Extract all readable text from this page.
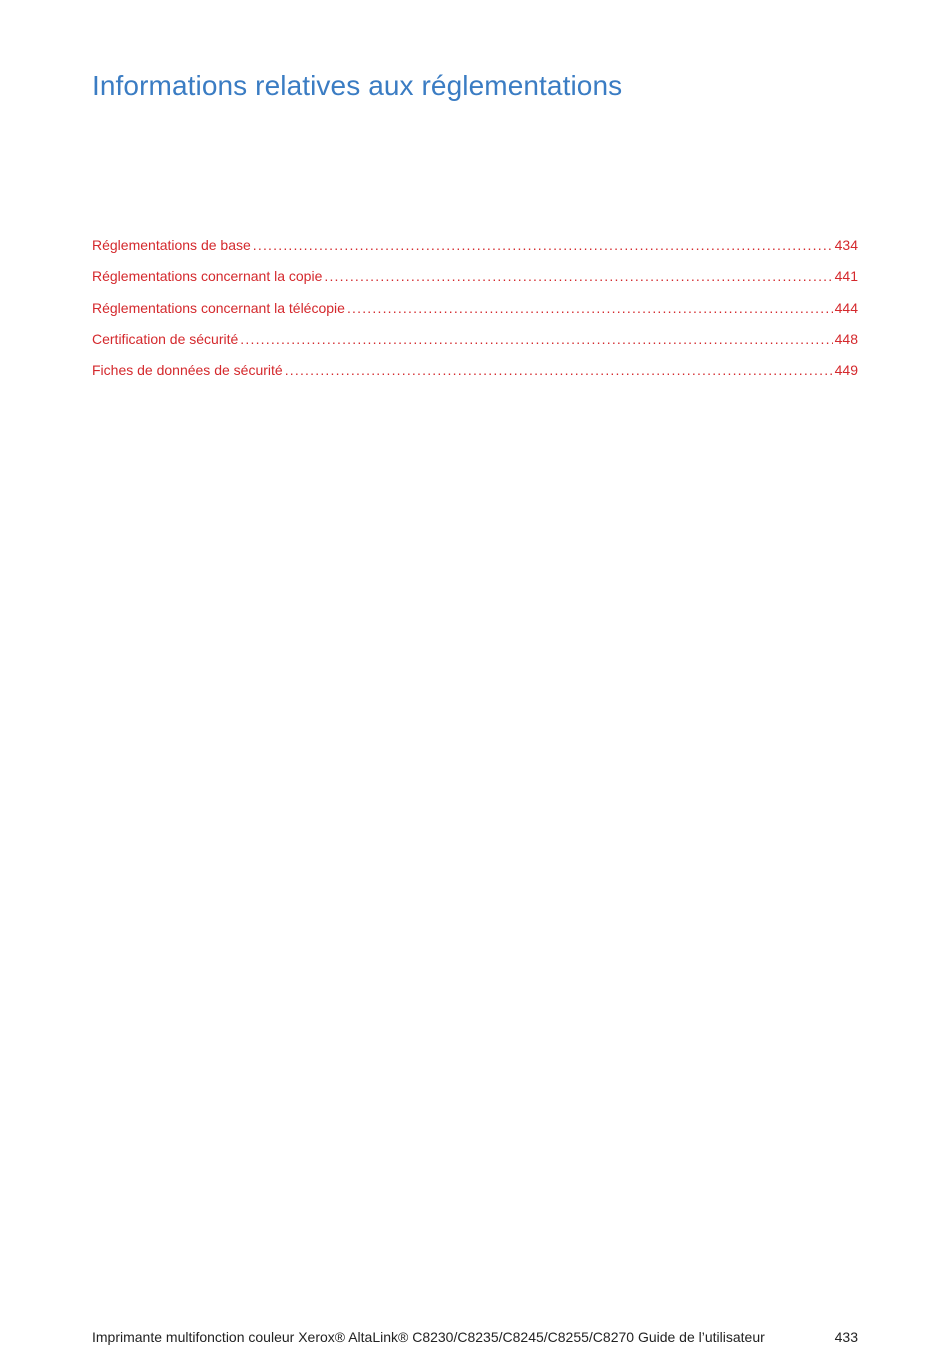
Informations relatives aux réglementations
Réglementations de base .....	434
Réglementations concernant la copie .....	441
Réglementations concernant la télécopie .....	444
Certification de sécurité .....	448
Fiches de données de sécurité .....	449
Imprimante multifonction couleur Xerox® AltaLink® C8230/C8235/C8245/C8255/C8270 Guide de l’utilisateur	433
